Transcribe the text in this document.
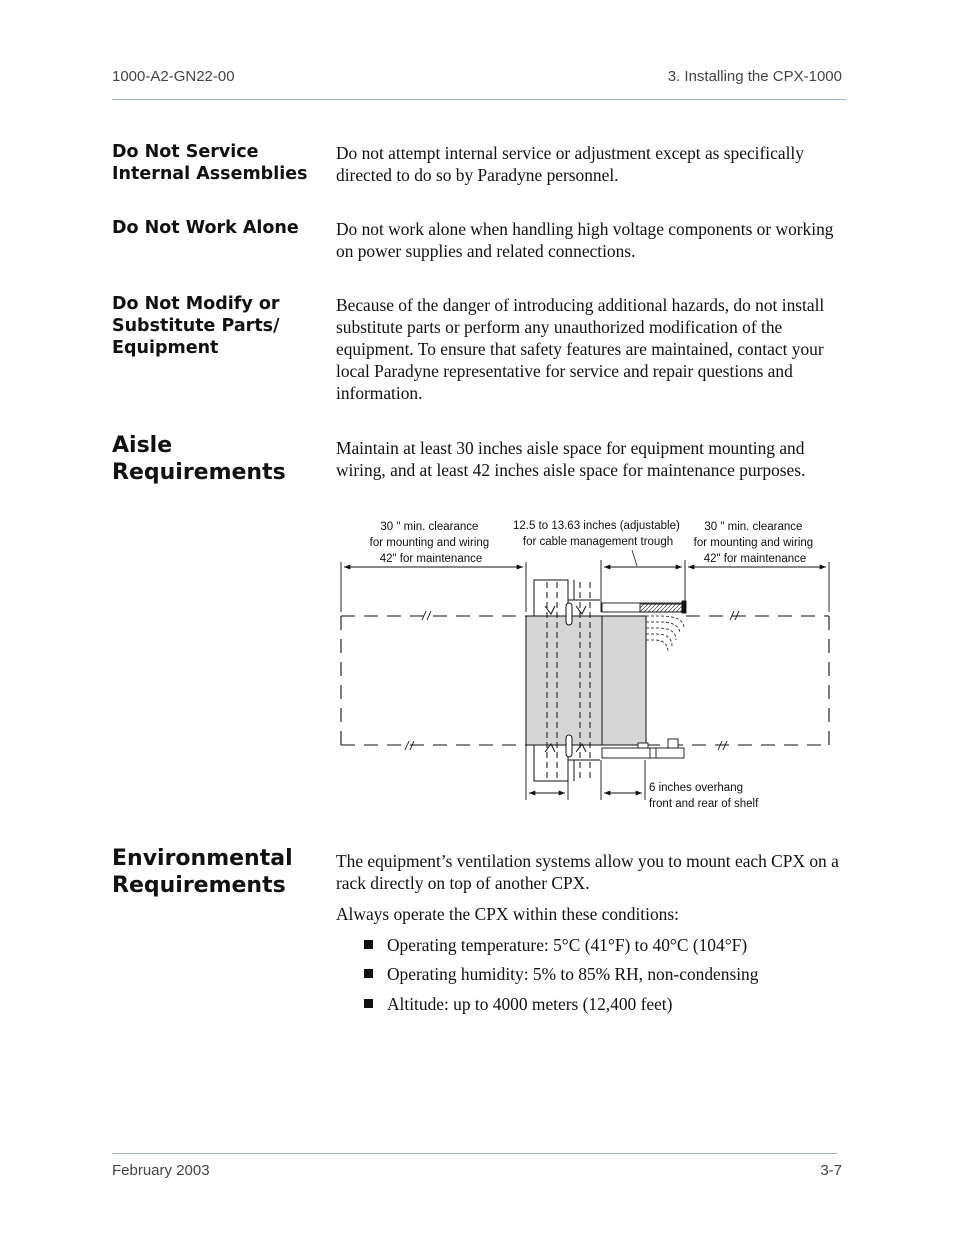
1000-A2-GN22-00	3. Installing the CPX-1000
Do Not Service
Internal Assemblies

Do not attempt internal service or adjustment except as specifically directed to do so by Paradyne personnel.

Do Not Work Alone	Do not work alone when handling high voltage components or working on power supplies and related connections.

Do Not Modify or
Substitute Parts/
Equipment

Because of the danger of introducing additional hazards, do not install substitute parts or perform any unauthorized modification of the equipment. To ensure that safety features are maintained, contact your local Paradyne representative for service and repair questions and information.

Aisle
Requirements

Maintain at least 30 inches aisle space for equipment mounting and wiring, and at least 42 inches aisle space for maintenance purposes.

30 " min. clearance for mounting and wiring 42" for maintenance
12.5 to 13.63 inches (adjustable) for cable management trough
30 " min. clearance for mounting and wiring 42" for maintenance
6 inches overhang front and rear of shelf
Environmental
Requirements

The equipment’s ventilation systems allow you to mount each CPX on a rack directly on top of another CPX.

Always operate the CPX within these conditions:

Operating temperature: 5°C (41°F) to 40°C (104°F)
Operating humidity: 5% to 85% RH, non-condensing
Altitude: up to 4000 meters (12,400 feet)
February 2003	3-7
